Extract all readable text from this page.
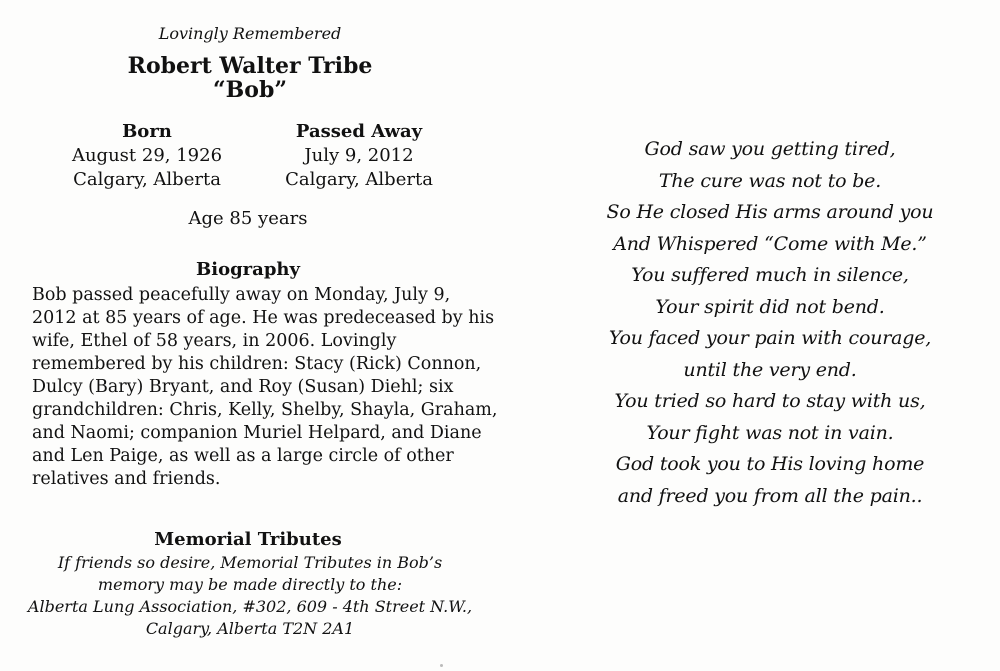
Lovingly Remembered
Robert Walter Tribe
“Bob”
Born
August 29, 1926
Calgary, Alberta
Passed Away
July 9, 2012
Calgary, Alberta
Age 85 years
Biography
Bob passed peacefully away on Monday, July 9,
2012 at 85 years of age. He was predeceased by his
wife, Ethel of 58 years, in 2006. Lovingly
remembered by his children: Stacy (Rick) Connon,
Dulcy (Bary) Bryant, and Roy (Susan) Diehl; six
grandchildren: Chris, Kelly, Shelby, Shayla, Graham,
and Naomi; companion Muriel Helpard, and Diane
and Len Paige, as well as a large circle of other
relatives and friends.
Memorial Tributes
If friends so desire, Memorial Tributes in Bob’s
memory may be made directly to the:
Alberta Lung Association, #302, 609 - 4th Street N.W.,
Calgary, Alberta T2N 2A1
God saw you getting tired,
The cure was not to be.
So He closed His arms around you
And Whispered “Come with Me.”
You suffered much in silence,
Your spirit did not bend.
You faced your pain with courage,
until the very end.
You tried so hard to stay with us,
Your fight was not in vain.
God took you to His loving home
and freed you from all the pain..
